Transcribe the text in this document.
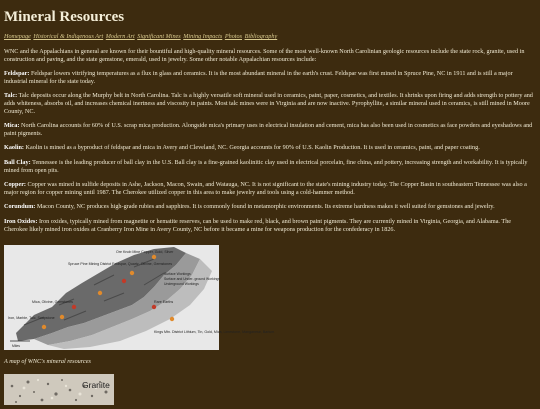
Mineral Resources
Homepage Historical & Indigenous Art Modern Art Significant Mines Mining Impacts Photos Bibliography

WNC and the Appalachians in general are known for their bountiful and high-quality mineral resources. Some of the most well-known North Carolinian geologic resources include the state rock, granite, used in construction and paving, and the state gemstone, emerald, used in jewelry. Some other notable Appalachian resources include:

Feldspar: Feldspar lowers vitrifying temperatures as a flux in glass and ceramics. It is the most abundant mineral in the earth's crust. Feldspar was first mined in Spruce Pine, NC in 1911 and is still a major industrial mineral for the state today.

Talc: Talc deposits occur along the Murphy belt in North Carolina. Talc is a highly versatile soft mineral used in ceramics, paint, paper, cosmetics, and textiles. It shrinks upon firing and adds strength to pottery and adds whiteness, absorbs oil, and increases chemical inertness and viscosity in paints. Most talc mines were in Virginia and are now inactive. Pyrophyllite, a similar mineral used in ceramics, is still mined in Moore County, NC.

Mica: North Carolina accounts for 60% of U.S. scrap mica production. Alongside mica's primary uses in electrical insulation and cement, mica has also been used in cosmetics as face powders and eyeshadows and paint pigments.

Kaolin: Kaolin is mined as a byproduct of feldspar and mica in Avery and Cleveland, NC. Georgia accounts for 90% of U.S. Kaolin Production. It is used in ceramics, paint, and paper coating.

Ball Clay: Tennessee is the leading producer of ball clay in the U.S. Ball clay is a fine-grained kaolinitic clay used in electrical porcelain, fine china, and pottery, increasing strength and workability. It is typically mined from open pits.

Copper: Copper was mined in sulfide deposits in Ashe, Jackson, Macon, Swain, and Watauga, NC. It is not significant to the state's mining industry today. The Copper Basin in southeastern Tennessee was also a major region for copper mining until 1987. The Cherokee utilized copper in this area to make jewelry and tools using a cold-hammer method.

Corundum: Macon County, NC produces high-grade rubies and sapphires. It is commonly found in metamorphic environments. Its extreme hardness makes it well suited for gemstones and jewelry.

Iron Oxides: Iron oxides, typically mined from magnetite or hematite reserves, can be used to make red, black, and brown paint pigments. They are currently mined in Virginia, Georgia, and Alabama. The Cherokee likely mined iron oxides at Cranberry Iron Mine in Avery County, NC before it became a mine for weapons production for the confederacy in 1826.

Ore Knob Mine Copper, Gold, Silver
Spruce Pine Mining District Feldspar, Quartz, Olivine, Gemstones
Mica, Olivine, Gemstones
Iron, Marble, Talc, Soapstone
Rare Earths
Kings Mtn. District Lithium, Tin, Gold, Mica, Limestone, Manganese, Barium
Surface Workings
Surface and Under- ground Workings
Underground Workings
Miles
A map of WNC's mineral resources
Granite
